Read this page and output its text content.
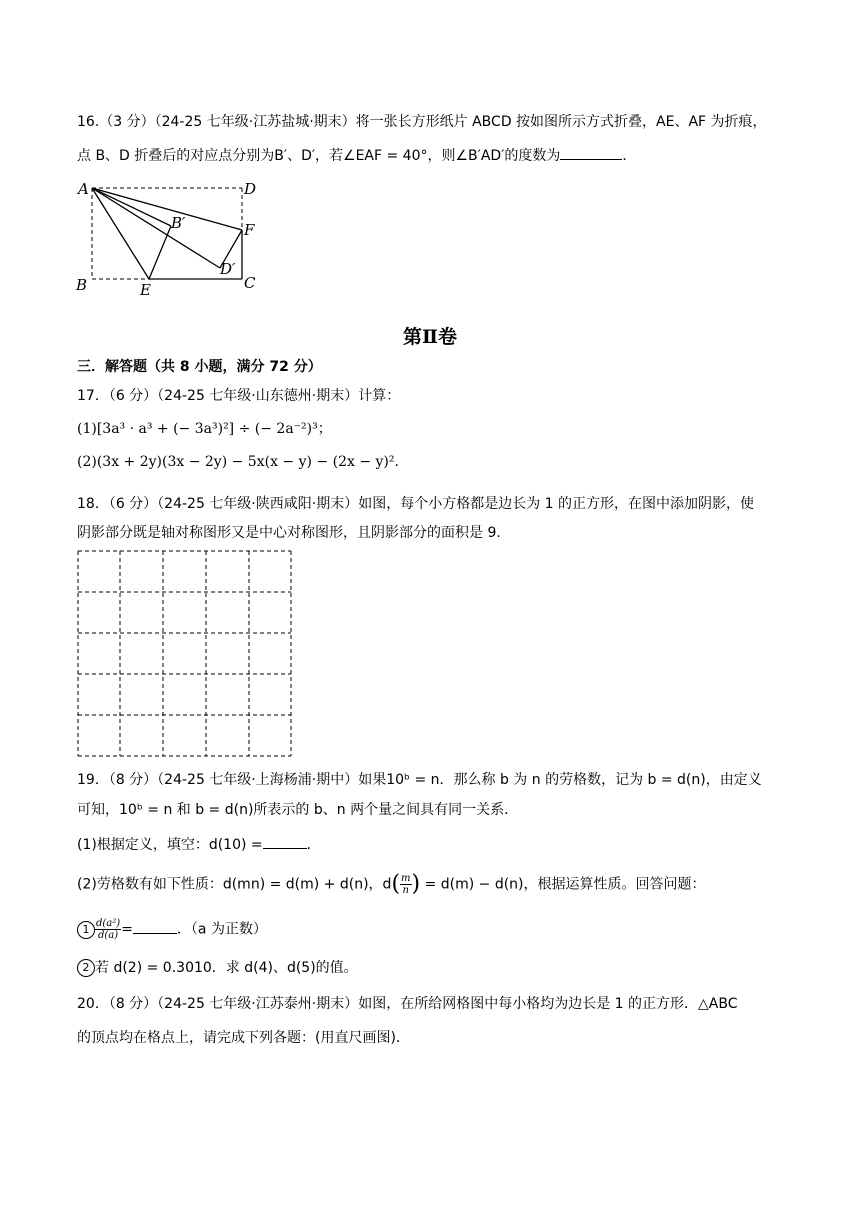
16.（3 分）（24-25 七年级·江苏盐城·期末）将一张长方形纸片 ABCD 按如图所示方式折叠，AE、AF 为折痕，
点 B、D 折叠后的对应点分别为B′、D′，若∠EAF = 40°，则∠B′AD′的度数为	．
A	D
B′	F
D′
B	E	C
第Ⅱ卷
三．解答题（共 8 小题，满分 72 分）
17．（6 分）（24-25 七年级·山东德州·期末）计算：
(1)[3a³ · a³ + (− 3a³)²] ÷ (− 2a⁻²)³；
(2)(3x + 2y)(3x − 2y) − 5x(x − y) − (2x − y)².
18．（6 分）（24-25 七年级·陕西咸阳·期末）如图，每个小方格都是边长为 1 的正方形，在图中添加阴影，使
阴影部分既是轴对称图形又是中心对称图形，且阴影部分的面积是 9.
19．（8 分）（24-25 七年级·上海杨浦·期中）如果10ᵇ = n．那么称 b 为 n 的劳格数，记为 b = d(n)，由定义
可知，10ᵇ = n 和 b = d(n)所表示的 b、n 两个量之间具有同一关系．
(1)根据定义，填空：d(10) =	．
(2)劳格数有如下性质：d(mn) = d(m) + d(n)，$d( \frac{m}{n}$ ) = d(m) − d(n)，根据运算性质。回答问题：
$1 \frac{\text{d(a²)}}{d(a)}$ =	．（a 为正数）
2 若 d(2) = 0.3010．求 d(4)、d(5)的值。
20．（8 分）（24-25 七年级·江苏泰州·期末）如图，在所给网格图中每小格均为边长是 1 的正方形．△ABC
的顶点均在格点上，请完成下列各题：(用直尺画图)．
